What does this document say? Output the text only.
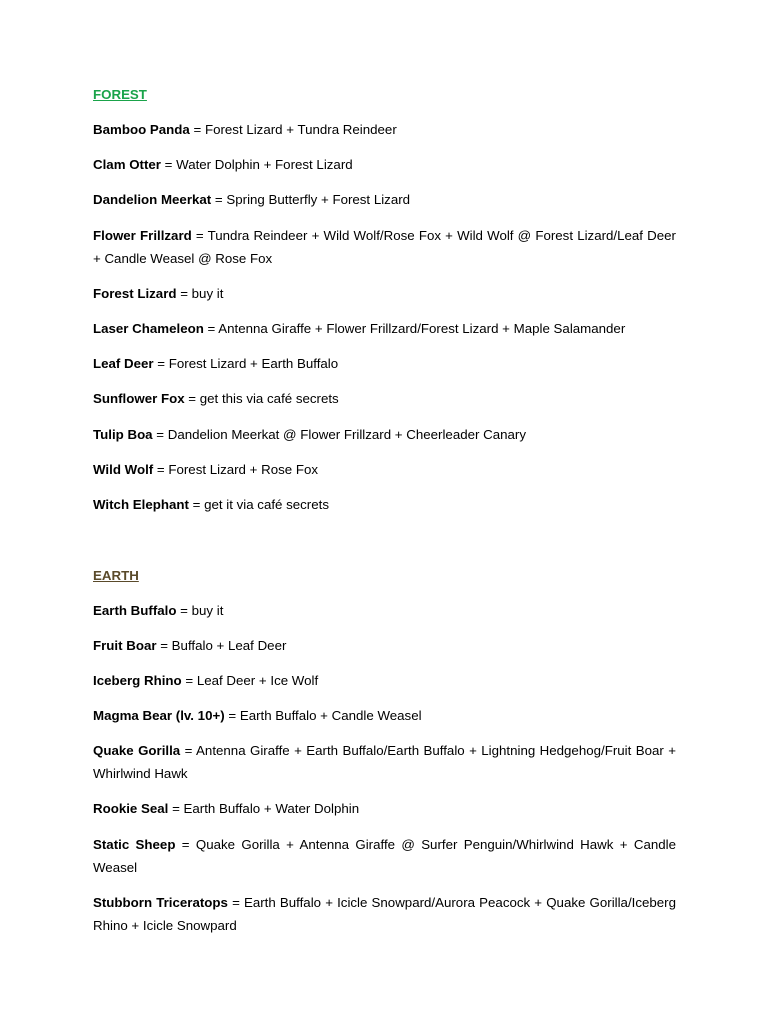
FOREST

Bamboo Panda = Forest Lizard + Tundra Reindeer

Clam Otter = Water Dolphin + Forest Lizard

Dandelion Meerkat = Spring Butterfly + Forest Lizard

Flower Frillzard = Tundra Reindeer + Wild Wolf/Rose Fox + Wild Wolf @ Forest Lizard/Leaf Deer + Candle Weasel @ Rose Fox

Forest Lizard = buy it

Laser Chameleon = Antenna Giraffe + Flower Frillzard/Forest Lizard + Maple Salamander

Leaf Deer = Forest Lizard + Earth Buffalo

Sunflower Fox = get this via café secrets

Tulip Boa = Dandelion Meerkat @ Flower Frillzard + Cheerleader Canary

Wild Wolf = Forest Lizard + Rose Fox

Witch Elephant = get it via café secrets

EARTH

Earth Buffalo = buy it

Fruit Boar = Buffalo + Leaf Deer

Iceberg Rhino = Leaf Deer + Ice Wolf

Magma Bear (lv. 10+) = Earth Buffalo + Candle Weasel

Quake Gorilla = Antenna Giraffe + Earth Buffalo/Earth Buffalo + Lightning Hedgehog/Fruit Boar + Whirlwind Hawk

Rookie Seal = Earth Buffalo + Water Dolphin

Static Sheep = Quake Gorilla + Antenna Giraffe @ Surfer Penguin/Whirlwind Hawk + Candle Weasel

Stubborn Triceratops = Earth Buffalo + Icicle Snowpard/Aurora Peacock + Quake Gorilla/Iceberg Rhino + Icicle Snowpard
